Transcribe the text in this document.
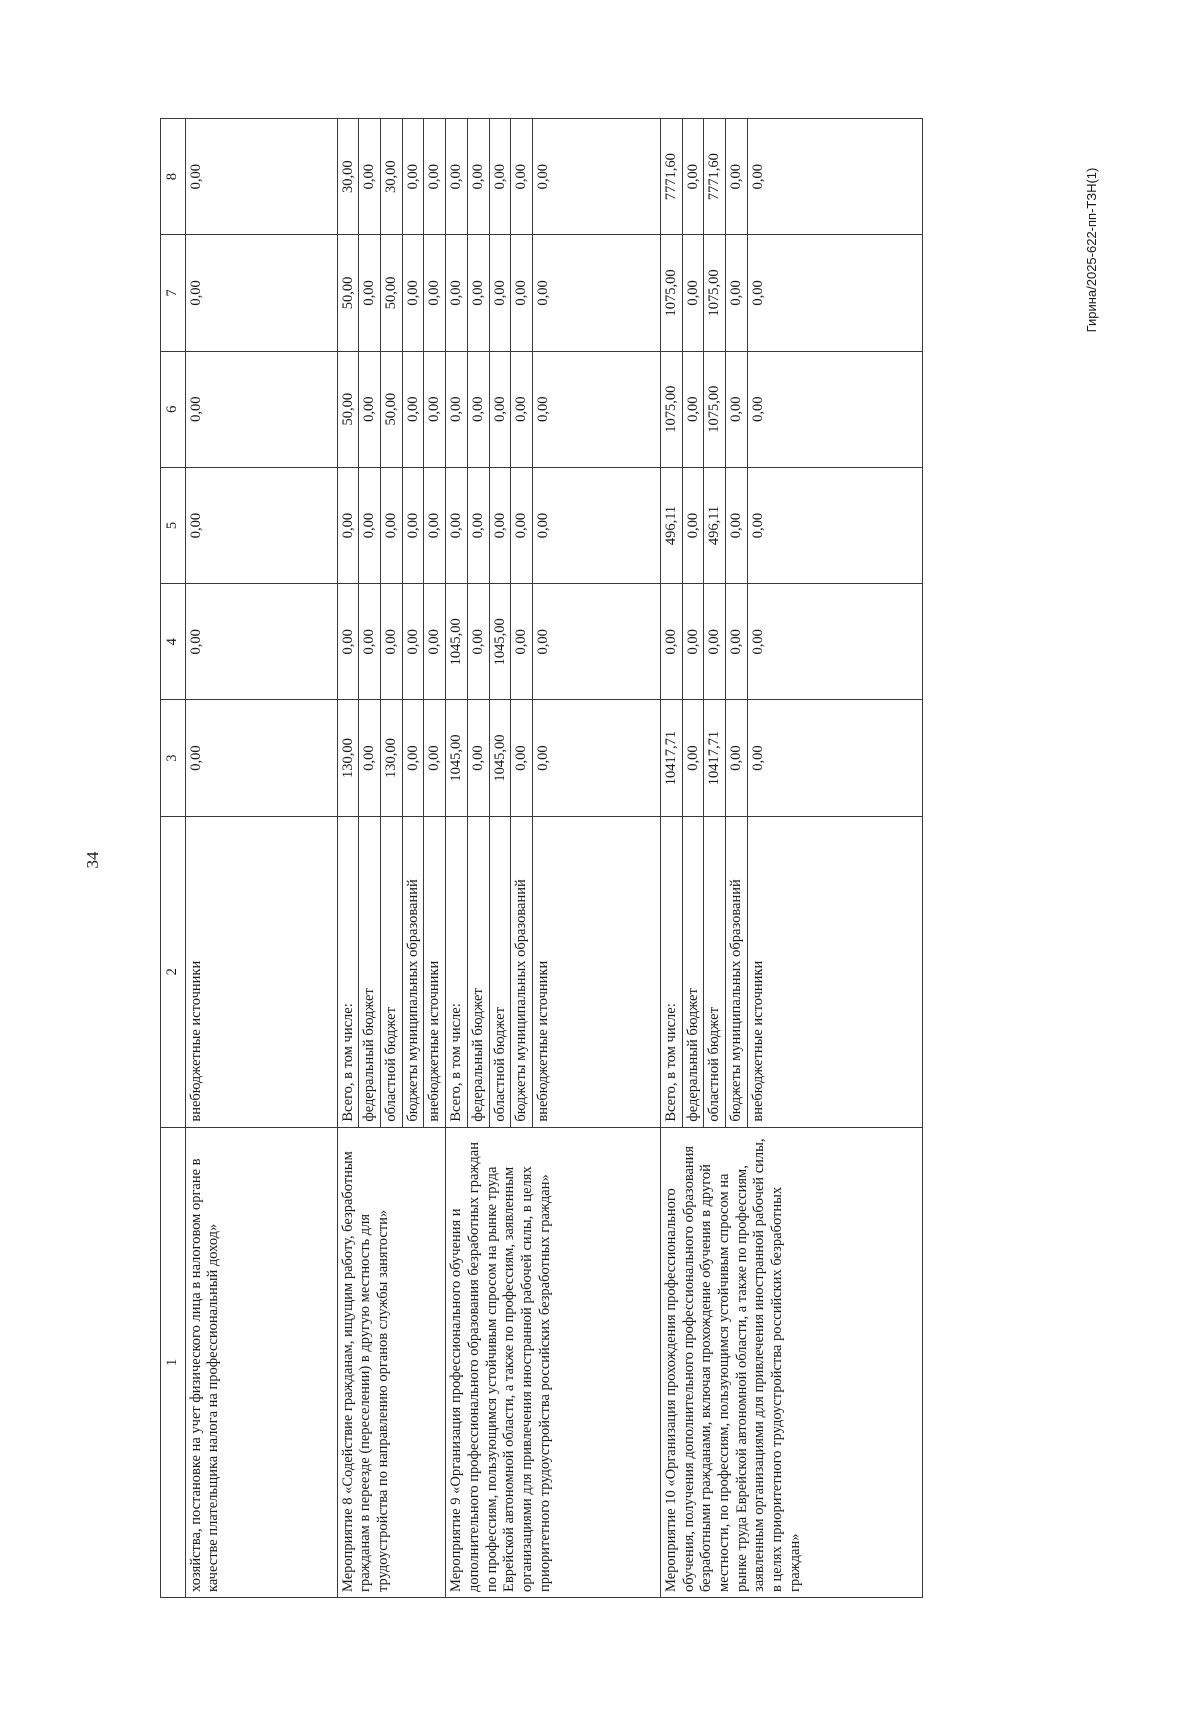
34
Гирина/2025-622-пп-ТЗН(1)
1	2	3	4	5	6	7	8
хозяйства, постановке на учет физического лица в налоговом органе в качестве плательщика налога на профессиональный доход»	внебюджетные источники	0,00	0,00	0,00	0,00	0,00	0,00
Мероприятие 8 «Содействие гражданам, ищущим работу, безработным гражданам в переезде (переселении) в другую местность для трудоустройства по направлению органов службы занятости»	Всего, в том числе:	130,00	0,00	0,00	50,00	50,00	30,00
	федеральный бюджет	0,00	0,00	0,00	0,00	0,00	0,00
	областной бюджет	130,00	0,00	0,00	50,00	50,00	30,00
	бюджеты муниципальных образований	0,00	0,00	0,00	0,00	0,00	0,00
	внебюджетные источники	0,00	0,00	0,00	0,00	0,00	0,00
Мероприятие 9 «Организация профессионального обучения и дополнительного профессионального образования безработных граждан по профессиям, пользующимся устойчивым спросом на рынке труда Еврейской автономной области, а также по профессиям, заявленным организациями для привлечения иностранной рабочей силы, в целях приоритетного трудоустройства российских безработных граждан»	Всего, в том числе:	1045,00	1045,00	0,00	0,00	0,00	0,00
	федеральный бюджет	0,00	0,00	0,00	0,00	0,00	0,00
	областной бюджет	1045,00	1045,00	0,00	0,00	0,00	0,00
	бюджеты муниципальных образований	0,00	0,00	0,00	0,00	0,00	0,00
	внебюджетные источники	0,00	0,00	0,00	0,00	0,00	0,00
Мероприятие 10 «Организация прохождения профессионального обучения, получения дополнительного профессионального образования безработными гражданами, включая прохождение обучения в другой местности, по профессиям, пользующимся устойчивым спросом на рынке труда Еврейской автономной области, а также по профессиям, заявленным организациями для привлечения иностранной рабочей силы, в целях приоритетного трудоустройства российских безработных граждан»	Всего, в том числе:	10417,71	0,00	496,11	1075,00	1075,00	7771,60
	федеральный бюджет	0,00	0,00	0,00	0,00	0,00	0,00
	областной бюджет	10417,71	0,00	496,11	1075,00	1075,00	7771,60
	бюджеты муниципальных образований	0,00	0,00	0,00	0,00	0,00	0,00
	внебюджетные источники	0,00	0,00	0,00	0,00	0,00	0,00
